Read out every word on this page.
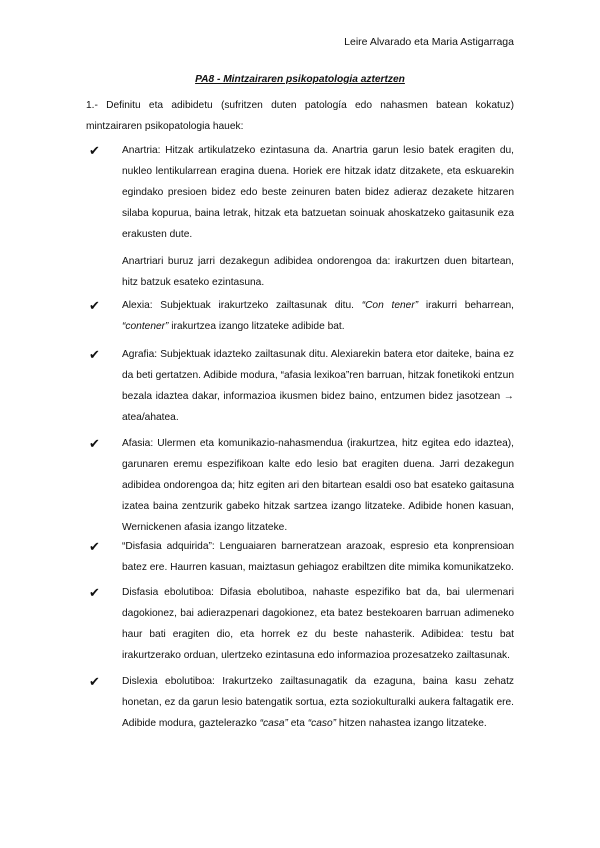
Leire Alvarado eta Maria Astigarraga
PA8 - Mintzairaren psikopatologia aztertzen
1.- Definitu eta adibidetu (sufritzen duten patología edo nahasmen batean kokatuz) mintzairaren psikopatologia hauek:
✔ Anartria: Hitzak artikulatzeko ezintasuna da. Anartria garun lesio batek eragiten du, nukleo lentikularrean eragina duena. Horiek ere hitzak idatz ditzakete, eta eskuarekin egindako presioen bidez edo beste zeinuren baten bidez adieraz dezakete hitzaren silaba kopurua, baina letrak, hitzak eta batzuetan soinuak ahoskatzeko gaitasunik eza erakusten dute.

Anartriari buruz jarri dezakegun adibidea ondorengoa da: irakurtzen duen bitartean, hitz batzuk esateko ezintasuna.

✔ Alexia: Subjektuak irakurtzeko zailtasunak ditu. “Con tener” irakurri beharrean, “contener” irakurtzea izango litzateke adibide bat.

✔ Agrafia: Subjektuak idazteko zailtasunak ditu. Alexiarekin batera etor daiteke, baina ez da beti gertatzen. Adibide modura, “afasia lexikoa”ren barruan, hitzak fonetikoki entzun bezala idaztea dakar, informazioa ikusmen bidez baino, entzumen bidez jasotzean → atea/ahatea.

✔ Afasia: Ulermen eta komunikazio-nahasmendua (irakurtzea, hitz egitea edo idaztea), garunaren eremu espezifikoan kalte edo lesio bat eragiten duena. Jarri dezakegun adibidea ondorengoa da; hitz egiten ari den bitartean esaldi oso bat esateko gaitasuna izatea baina zentzurik gabeko hitzak sartzea izango litzateke. Adibide honen kasuan, Wernickenen afasia izango litzateke.

✔ “Disfasia adquirida”: Lenguaiaren barneratzean arazoak, espresio eta konprensioan batez ere. Haurren kasuan, maiztasun gehiagoz erabiltzen dite mimika komunikatzeko.

✔ Disfasia ebolutiboa: Difasia ebolutiboa, nahaste espezifiko bat da, bai ulermenari dagokionez, bai adierazpenari dagokionez, eta batez bestekoaren barruan adimeneko haur bati eragiten dio, eta horrek ez du beste nahasterik. Adibidea: testu bat irakurtzerako orduan, ulertzeko ezintasuna edo informazioa prozesatzeko zailtasunak.

✔ Dislexia ebolutiboa: Irakurtzeko zailtasunagatik da ezaguna, baina kasu zehatz honetan, ez da garun lesio batengatik sortua, ezta soziokulturalki aukera faltagatik ere. Adibide modura, gaztelerazko “casa” eta “caso” hitzen nahastea izango litzateke.
